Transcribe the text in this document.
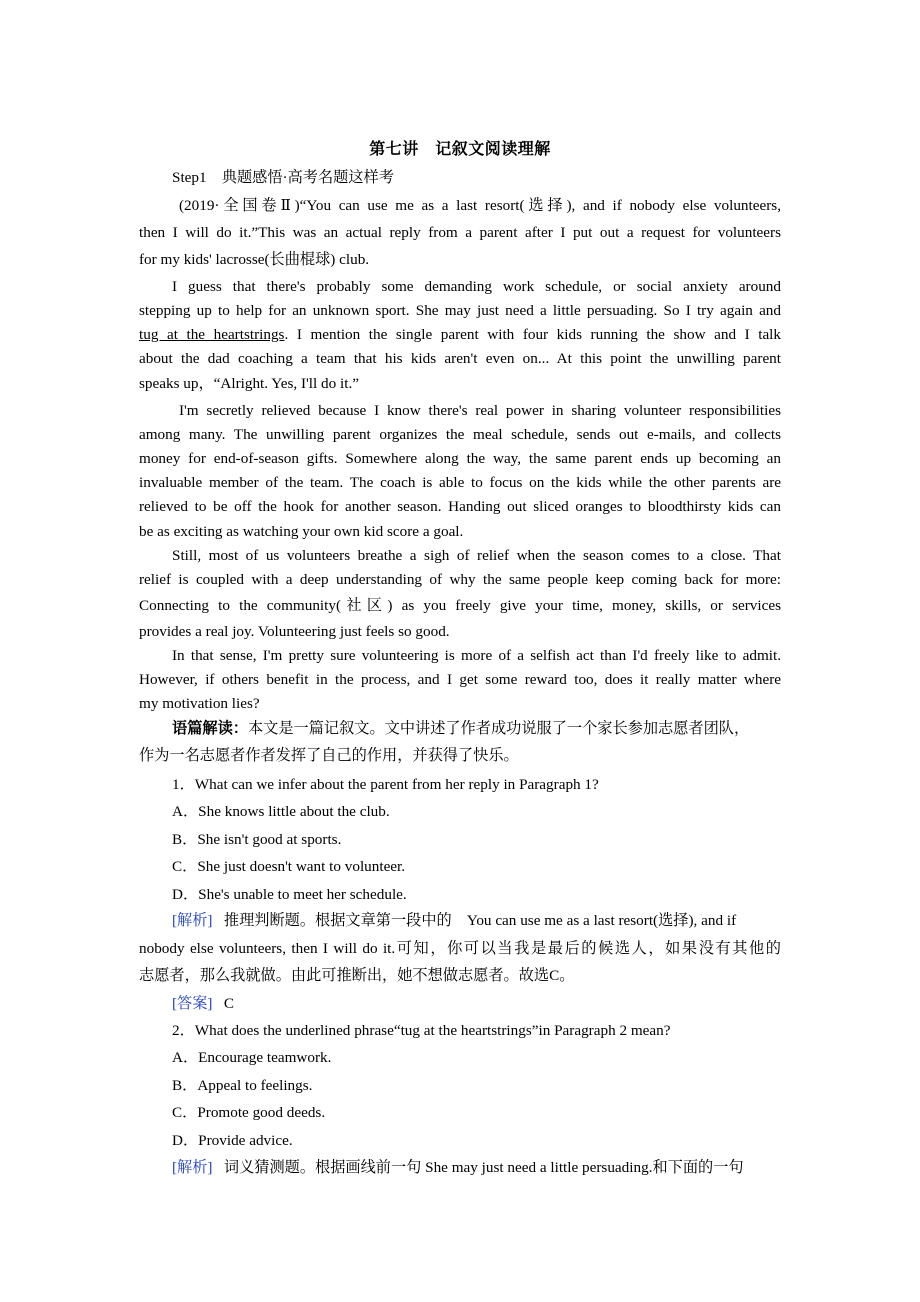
第七讲　记叙文阅读理解
Step1　典题感悟·高考名题这样考
(2019·全国卷Ⅱ)“You can use me as a last resort(选择), and if nobody else volunteers,
then I will do it.”This was an actual reply from a parent after I put out a request for volunteers
for my kids' lacrosse(长曲棍球) club.
I guess that there's probably some demanding work schedule, or social anxiety around
stepping up to help for an unknown sport. She may just need a little persuading. So I try again and
tug at the heartstrings. I mention the single parent with four kids running the show and I talk
about the dad coaching a team that his kids aren't even on... At this point the unwilling parent
speaks up，“Alright. Yes, I'll do it.”
I'm secretly relieved because I know there's real power in sharing volunteer responsibilities
among many. The unwilling parent organizes the meal schedule, sends out e-mails, and collects
money for end-of-season gifts. Somewhere along the way, the same parent ends up becoming an
invaluable member of the team. The coach is able to focus on the kids while the other parents are
relieved to be off the hook for another season. Handing out sliced oranges to bloodthirsty kids can
be as exciting as watching your own kid score a goal.
Still, most of us volunteers breathe a sigh of relief when the season comes to a close. That
relief is coupled with a deep understanding of why the same people keep coming back for more:
Connecting to the community(社区) as you freely give your time, money, skills, or services
provides a real joy. Volunteering just feels so good.
In that sense, I'm pretty sure volunteering is more of a selfish act than I'd freely like to admit.
However, if others benefit in the process, and I get some reward too, does it really matter where
my motivation lies?
语篇解读：本文是一篇记叙文。文中讲述了作者成功说服了一个家长参加志愿者团队，
作为一名志愿者作者发挥了自己的作用，并获得了快乐。
1．What can we infer about the parent from her reply in Paragraph 1?
A．She knows little about the club.
B．She isn't good at sports.
C．She just doesn't want to volunteer.
D．She's unable to meet her schedule.
[解析] 推理判断题。根据文章第一段中的　You can use me as a last resort(选择), and if
nobody else volunteers, then I will do it.可知，你可以当我是最后的候选人，如果没有其他的
志愿者，那么我就做。由此可推断出，她不想做志愿者。故选C。
[答案] C
2．What does the underlined phrase“tug at the heartstrings”in Paragraph 2 mean?
A．Encourage teamwork.
B．Appeal to feelings.
C．Promote good deeds.
D．Provide advice.
[解析] 词义猜测题。根据画线前一句 She may just need a little persuading.和下面的一句
